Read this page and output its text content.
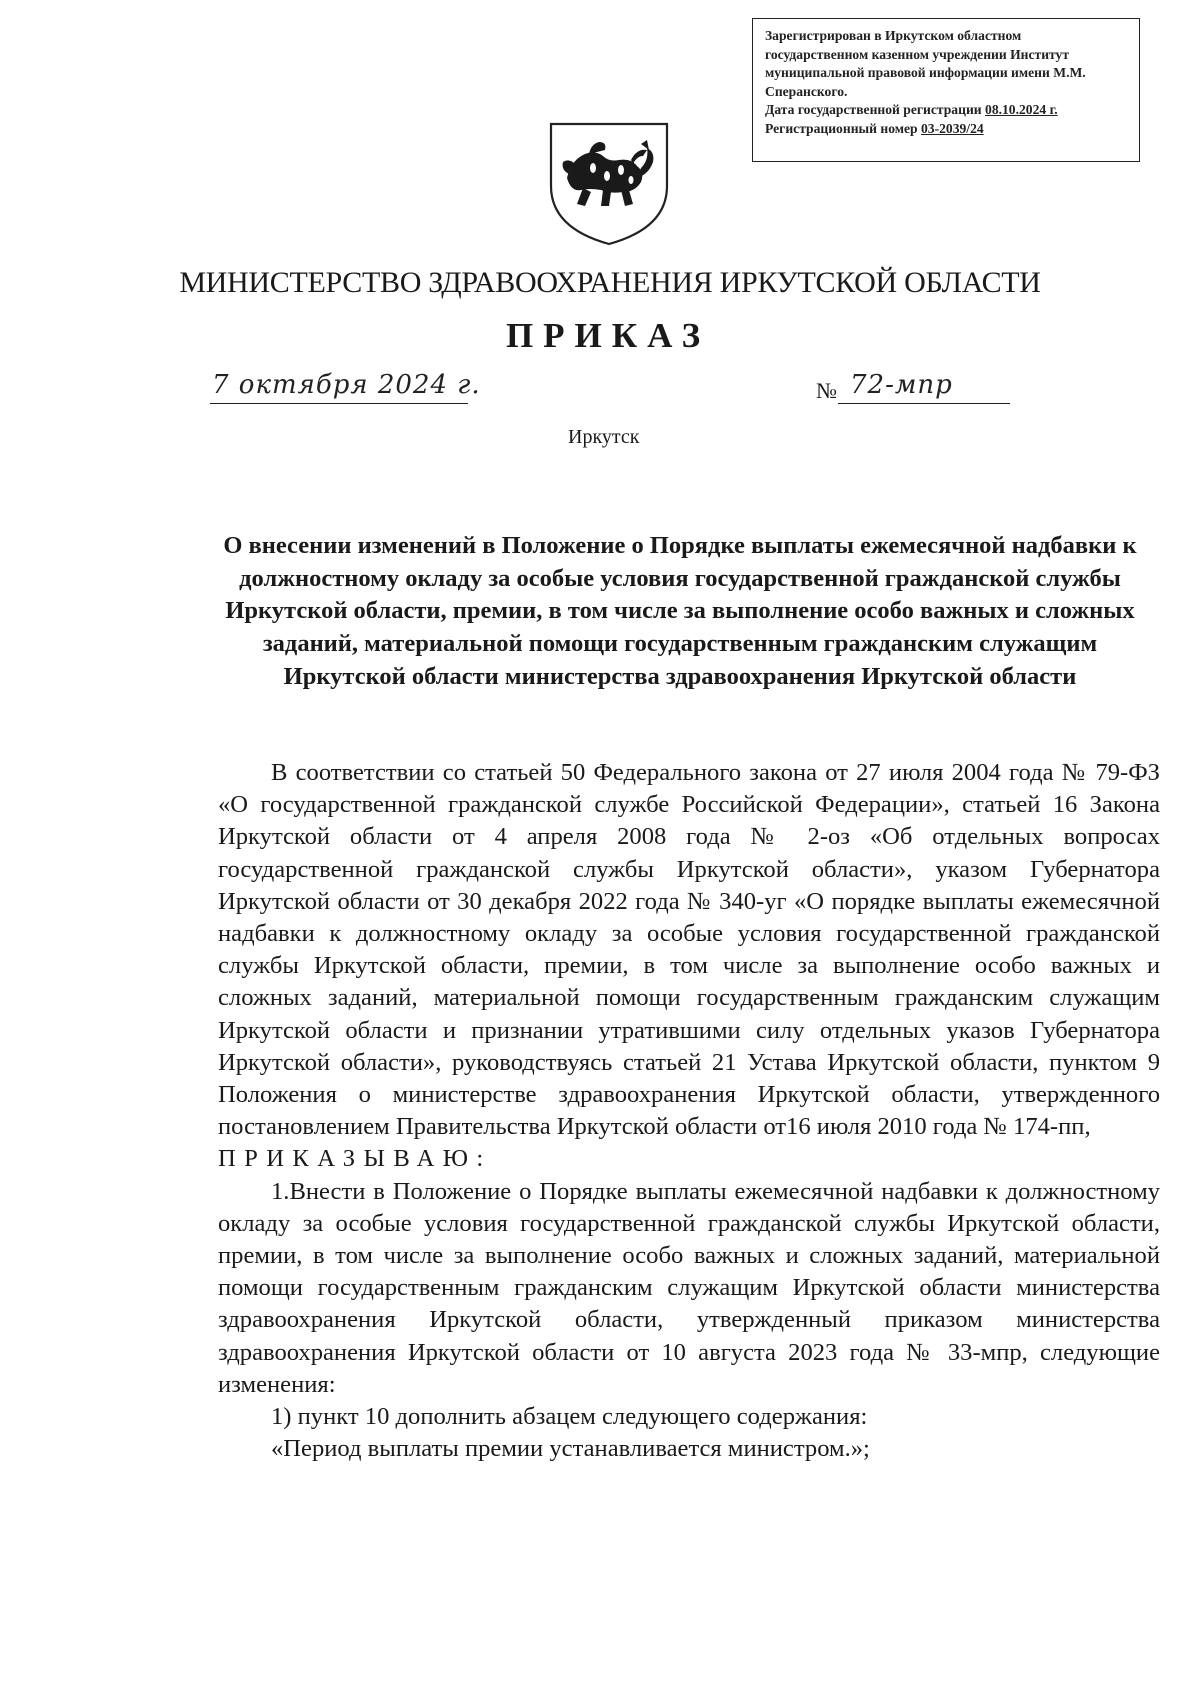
Зарегистрирован в Иркутском областном
государственном казенном учреждении Институт
муниципальной правовой информации имени М.М.
Сперанского.
Дата государственной регистрации 08.10.2024 г.
Регистрационный номер 03-2039/24
МИНИСТЕРСТВО ЗДРАВООХРАНЕНИЯ ИРКУТСКОЙ ОБЛАСТИ
ПРИКАЗ
7 октября 2024 г.	№ 72-мпр
Иркутск
О внесении изменений в Положение о Порядке выплаты ежемесячной надбавки к должностному окладу за особые условия государственной гражданской службы Иркутской области, премии, в том числе за выполнение особо важных и сложных заданий, материальной помощи государственным гражданским служащим Иркутской области министерства здравоохранения Иркутской области

В соответствии со статьей 50 Федерального закона от 27 июля 2004 года № 79-ФЗ «О государственной гражданской службе Российской Федерации», статьей 16 Закона Иркутской области от 4 апреля 2008 года № 2-оз «Об отдельных вопросах государственной гражданской службы Иркутской области», указом Губернатора Иркутской области от 30 декабря 2022 года № 340-уг «О порядке выплаты ежемесячной надбавки к должностному окладу за особые условия государственной гражданской службы Иркутской области, премии, в том числе за выполнение особо важных и сложных заданий, материальной помощи государственным гражданским служащим Иркутской области и признании утратившими силу отдельных указов Губернатора Иркутской области», руководствуясь статьей 21 Устава Иркутской области, пунктом 9 Положения о министерстве здравоохранения Иркутской области, утвержденного постановлением Правительства Иркутской области от16 июля 2010 года № 174-пп,

ПРИКАЗЫВАЮ:

1.Внести в Положение о Порядке выплаты ежемесячной надбавки к должностному окладу за особые условия государственной гражданской службы Иркутской области, премии, в том числе за выполнение особо важных и сложных заданий, материальной помощи государственным гражданским служащим Иркутской области министерства здравоохранения Иркутской области, утвержденный приказом министерства здравоохранения Иркутской области от 10 августа 2023 года № 33-мпр, следующие изменения:

1) пункт 10 дополнить абзацем следующего содержания:

«Период выплаты премии устанавливается министром.»;
